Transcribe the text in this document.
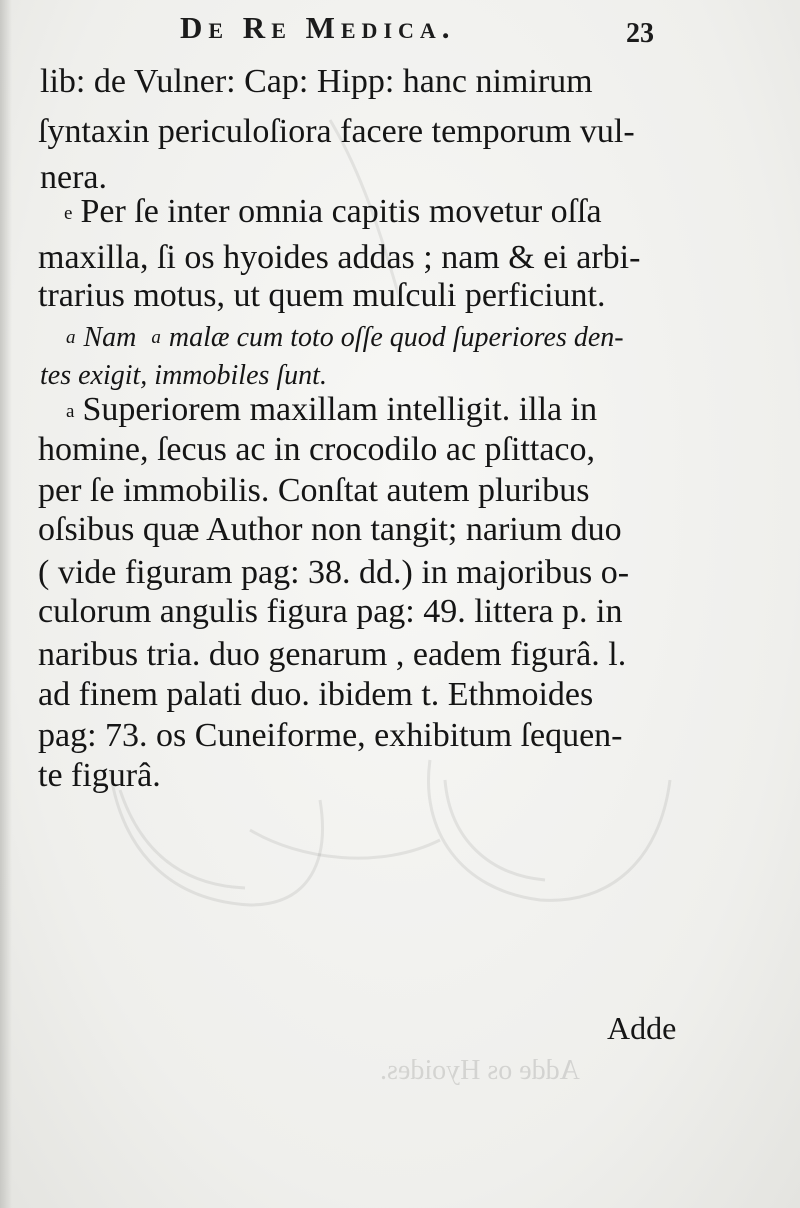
De Re Medica.	23
lib: de Vulner: Cap: Hipp: hanc nimirum
ſyntaxin periculoſiora facere temporum vul-
nera.
e Per ſe inter omnia capitis movetur oſſa
maxilla, ſi os hyoides addas ; nam & ei arbi-
trarius motus, ut quem muſculi perficiunt.
a Nam a malæ cum toto oſſe quod ſuperiores den-
tes exigit, immobiles ſunt.
a Superiorem maxillam intelligit. illa in
homine, ſecus ac in crocodilo ac pſittaco,
per ſe immobilis. Conſtat autem pluribus
oſsibus quæ Author non tangit; narium duo
( vide figuram pag: 38. dd.) in majoribus o-
culorum angulis figura pag: 49. littera p. in
naribus tria. duo genarum , eadem figurâ. l.
ad finem palati duo. ibidem t. Ethmoides
pag: 73. os Cuneiforme, exhibitum ſequen-
te figurâ.
Adde
Adde os Hyoides.
